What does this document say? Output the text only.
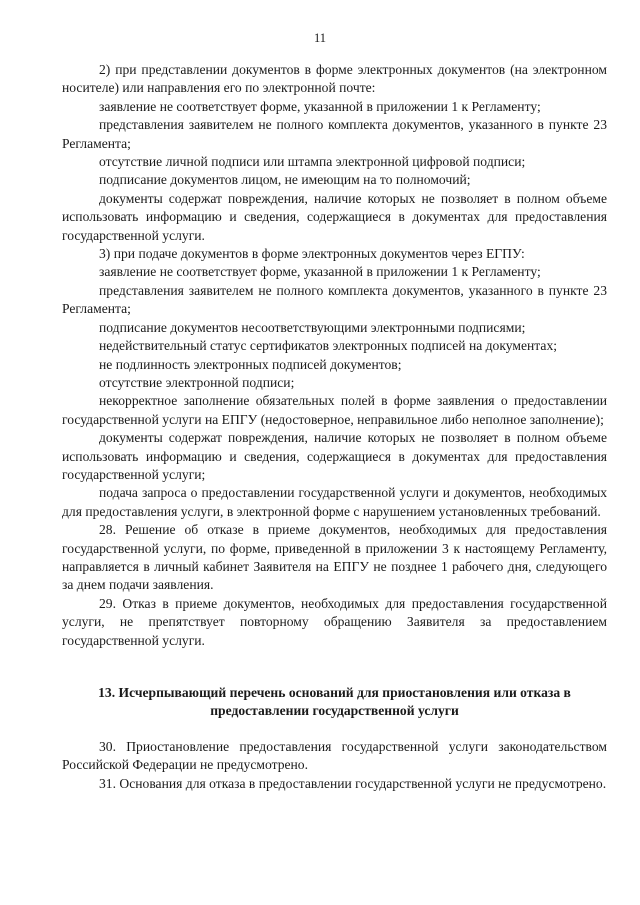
11

2) при представлении документов в форме электронных документов (на электронном носителе) или направления его по электронной почте:

заявление не соответствует форме, указанной в приложении 1 к Регламенту;

представления заявителем не полного комплекта документов, указанного в пункте 23 Регламента;

отсутствие личной подписи или штампа электронной цифровой подписи;

подписание документов лицом, не имеющим на то полномочий;

документы содержат повреждения, наличие которых не позволяет в полном объеме использовать информацию и сведения, содержащиеся в документах для предоставления государственной услуги.

3) при подаче документов в форме электронных документов через ЕГПУ:

заявление не соответствует форме, указанной в приложении 1 к Регламенту;

представления заявителем не полного комплекта документов, указанного в пункте 23 Регламента;

подписание документов несоответствующими электронными подписями;

недействительный статус сертификатов электронных подписей на документах;

не подлинность электронных подписей документов;

отсутствие электронной подписи;

некорректное заполнение обязательных полей в форме заявления о предоставлении государственной услуги на ЕПГУ (недостоверное, неправильное либо неполное заполнение);

документы содержат повреждения, наличие которых не позволяет в полном объеме использовать информацию и сведения, содержащиеся в документах для предоставления государственной услуги;

подача запроса о предоставлении государственной услуги и документов, необходимых для предоставления услуги, в электронной форме с нарушением установленных требований.

28. Решение об отказе в приеме документов, необходимых для предоставления государственной услуги, по форме, приведенной в приложении 3 к настоящему Регламенту, направляется в личный кабинет Заявителя на ЕПГУ не позднее 1 рабочего дня, следующего за днем подачи заявления.

29. Отказ в приеме документов, необходимых для предоставления государственной услуги, не препятствует повторному обращению Заявителя за предоставлением государственной услуги.

13. Исчерпывающий перечень оснований для приостановления или отказа в предоставлении государственной услуги

30. Приостановление предоставления государственной услуги законодательством Российской Федерации не предусмотрено.

31. Основания для отказа в предоставлении государственной услуги не предусмотрено.
